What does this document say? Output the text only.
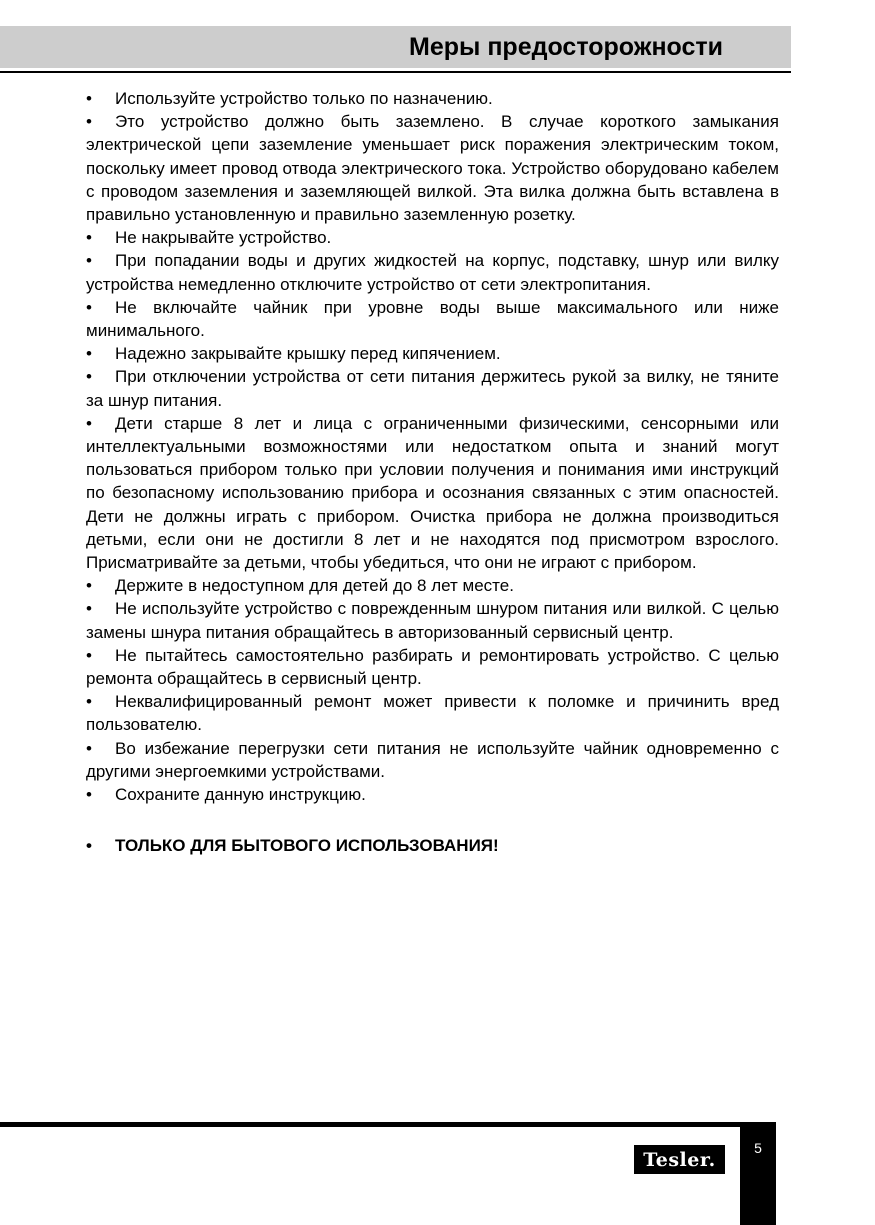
Меры предосторожности

• Используйте устройство только по назначению.

• Это устройство должно быть заземлено. В случае короткого замыкания электрической цепи заземление уменьшает риск поражения электрическим током, поскольку имеет провод отвода электрического тока. Устройство оборудовано кабелем с проводом заземления и заземляющей вилкой. Эта вилка должна быть вставлена в правильно установленную и правильно заземленную розетку.

• Не накрывайте устройство.

• При попадании воды и других жидкостей на корпус, подставку, шнур или вилку устройства немедленно отключите устройство от сети электропитания.

• Не включайте чайник при уровне воды выше максимального или ниже минимального.

• Надежно закрывайте крышку перед кипячением.

• При отключении устройства от сети питания держитесь рукой за вилку, не тяните за шнур питания.

• Дети старше 8 лет и лица с ограниченными физическими, сенсорными или интеллектуальными возможностями или недостатком опыта и знаний могут пользоваться прибором только при условии получения и понимания ими инструкций по безопасному использованию прибора и осознания связанных с этим опасностей. Дети не должны играть с прибором. Очистка прибора не должна производиться детьми, если они не достигли 8 лет и не находятся под присмотром взрослого. Присматривайте за детьми, чтобы убедиться, что они не играют с прибором.

• Держите в недоступном для детей до 8 лет месте.

• Не используйте устройство с поврежденным шнуром питания или вилкой. С целью замены шнура питания обращайтесь в авторизованный сервисный центр.

• Не пытайтесь самостоятельно разбирать и ремонтировать устройство. С целью ремонта обращайтесь в сервисный центр.

• Неквалифицированный ремонт может привести к поломке и причинить вред пользователю.

• Во избежание перегрузки сети питания не используйте чайник одновременно с другими энергоемкими устройствами.

• Сохраните данную инструкцию.

• ТОЛЬКО ДЛЯ БЫТОВОГО ИСПОЛЬЗОВАНИЯ!

Tesler.
5
